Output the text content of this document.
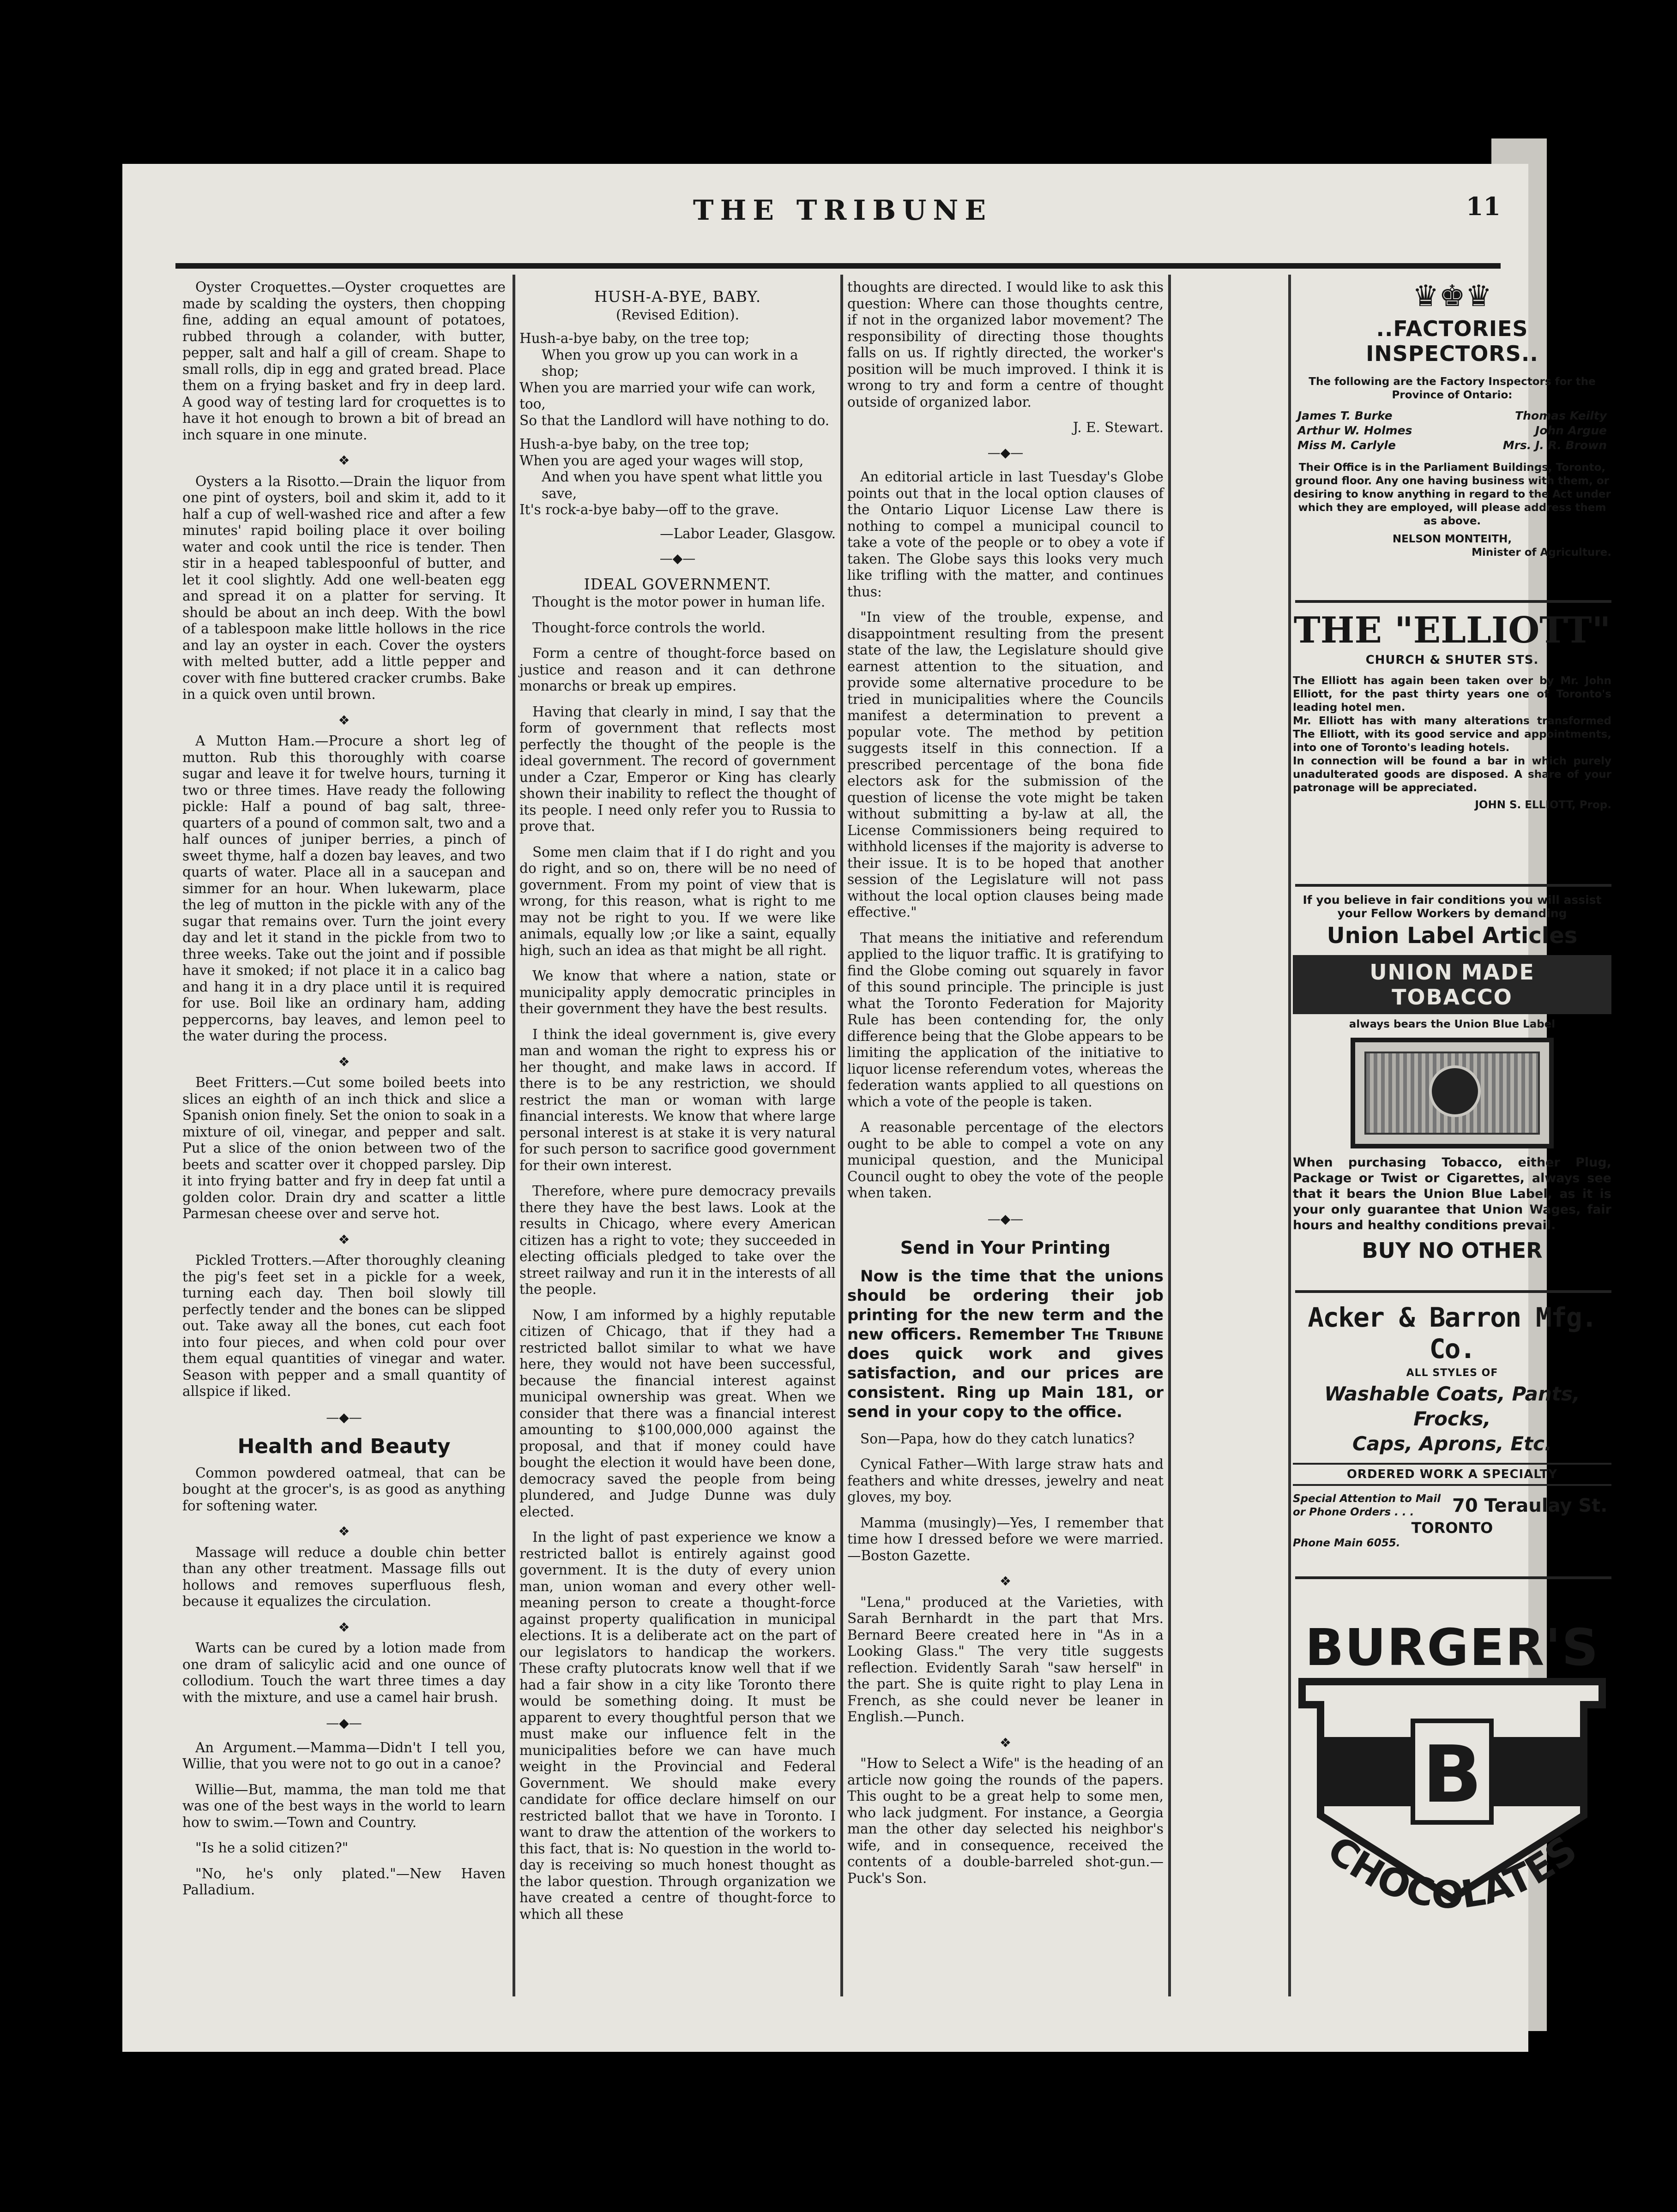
THE TRIBUNE	11

Oyster Croquettes.—Oyster croquettes are made by scalding the oysters, then chopping fine, adding an equal amount of potatoes, rubbed through a colander, with butter, pepper, salt and half a gill of cream. Shape to small rolls, dip in egg and grated bread. Place them on a frying basket and fry in deep lard. A good way of testing lard for croquettes is to have it hot enough to brown a bit of bread an inch square in one minute.

❖

Oysters a la Risotto.—Drain the liquor from one pint of oysters, boil and skim it, add to it half a cup of well-washed rice and after a few minutes' rapid boiling place it over boiling water and cook until the rice is tender. Then stir in a heaped tablespoonful of butter, and let it cool slightly. Add one well-beaten egg and spread it on a platter for serving. It should be about an inch deep. With the bowl of a tablespoon make little hollows in the rice and lay an oyster in each. Cover the oysters with melted butter, add a little pepper and cover with fine buttered cracker crumbs. Bake in a quick oven until brown.

❖

A Mutton Ham.—Procure a short leg of mutton. Rub this thoroughly with coarse sugar and leave it for twelve hours, turning it two or three times. Have ready the following pickle: Half a pound of bag salt, three-quarters of a pound of common salt, two and a half ounces of juniper berries, a pinch of sweet thyme, half a dozen bay leaves, and two quarts of water. Place all in a saucepan and simmer for an hour. When lukewarm, place the leg of mutton in the pickle with any of the sugar that remains over. Turn the joint every day and let it stand in the pickle from two to three weeks. Take out the joint and if possible have it smoked; if not place it in a calico bag and hang it in a dry place until it is required for use. Boil like an ordinary ham, adding peppercorns, bay leaves, and lemon peel to the water during the process.

❖

Beet Fritters.—Cut some boiled beets into slices an eighth of an inch thick and slice a Spanish onion finely. Set the onion to soak in a mixture of oil, vinegar, and pepper and salt. Put a slice of the onion between two of the beets and scatter over it chopped parsley. Dip it into frying batter and fry in deep fat until a golden color. Drain dry and scatter a little Parmesan cheese over and serve hot.

❖

Pickled Trotters.—After thoroughly cleaning the pig's feet set in a pickle for a week, turning each day. Then boil slowly till perfectly tender and the bones can be slipped out. Take away all the bones, cut each foot into four pieces, and when cold pour over them equal quantities of vinegar and water. Season with pepper and a small quantity of allspice if liked.

—◆—
Health and Beauty

Common powdered oatmeal, that can be bought at the grocer's, is as good as anything for softening water.

❖

Massage will reduce a double chin better than any other treatment. Massage fills out hollows and removes superfluous flesh, because it equalizes the circulation.

❖

Warts can be cured by a lotion made from one dram of salicylic acid and one ounce of collodium. Touch the wart three times a day with the mixture, and use a camel hair brush.

—◆—

An Argument.—Mamma—Didn't I tell you, Willie, that you were not to go out in a canoe?

Willie—But, mamma, the man told me that was one of the best ways in the world to learn how to swim.—Town and Country.

"Is he a solid citizen?"

"No, he's only plated."—New Haven Palladium.

HUSH-A-BYE, BABY.
(Revised Edition).
Hush-a-bye baby, on the tree top;
When you grow up you can work in a shop;
When you are married your wife can work, too,
So that the Landlord will have nothing to do.
Hush-a-bye baby, on the tree top;
When you are aged your wages will stop,
And when you have spent what little you save,
It's rock-a-bye baby—off to the grave.
—Labor Leader, Glasgow.
—◆—
IDEAL GOVERNMENT.

Thought is the motor power in human life.

Thought-force controls the world.

Form a centre of thought-force based on justice and reason and it can dethrone monarchs or break up empires.

Having that clearly in mind, I say that the form of government that reflects most perfectly the thought of the people is the ideal government. The record of government under a Czar, Emperor or King has clearly shown their inability to reflect the thought of its people. I need only refer you to Russia to prove that.

Some men claim that if I do right and you do right, and so on, there will be no need of government. From my point of view that is wrong, for this reason, what is right to me may not be right to you. If we were like animals, equally low ;or like a saint, equally high, such an idea as that might be all right.

We know that where a nation, state or municipality apply democratic principles in their government they have the best results.

I think the ideal government is, give every man and woman the right to express his or her thought, and make laws in accord. If there is to be any restriction, we should restrict the man or woman with large financial interests. We know that where large personal interest is at stake it is very natural for such person to sacrifice good government for their own interest.

Therefore, where pure democracy prevails there they have the best laws. Look at the results in Chicago, where every American citizen has a right to vote; they succeeded in electing officials pledged to take over the street railway and run it in the interests of all the people.

Now, I am informed by a highly reputable citizen of Chicago, that if they had a restricted ballot similar to what we have here, they would not have been successful, because the financial interest against municipal ownership was great. When we consider that there was a financial interest amounting to $100,000,000 against the proposal, and that if money could have bought the election it would have been done, democracy saved the people from being plundered, and Judge Dunne was duly elected.

In the light of past experience we know a restricted ballot is entirely against good government. It is the duty of every union man, union woman and every other well-meaning person to create a thought-force against property qualification in municipal elections. It is a deliberate act on the part of our legislators to handicap the workers. These crafty plutocrats know well that if we had a fair show in a city like Toronto there would be something doing. It must be apparent to every thoughtful person that we must make our influence felt in the municipalities before we can have much weight in the Provincial and Federal Government. We should make every candidate for office declare himself on our restricted ballot that we have in Toronto. I want to draw the attention of the workers to this fact, that is: No question in the world to-day is receiving so much honest thought as the labor question. Through organization we have created a centre of thought-force to which all these

thoughts are directed. I would like to ask this question: Where can those thoughts centre, if not in the organized labor movement? The responsibility of directing those thoughts falls on us. If rightly directed, the worker's position will be much improved. I think it is wrong to try and form a centre of thought outside of organized labor.

J. E. Stewart.
—◆—

An editorial article in last Tuesday's Globe points out that in the local option clauses of the Ontario Liquor License Law there is nothing to compel a municipal council to take a vote of the people or to obey a vote if taken. The Globe says this looks very much like trifling with the matter, and continues thus:

"In view of the trouble, expense, and disappointment resulting from the present state of the law, the Legislature should give earnest attention to the situation, and provide some alternative procedure to be tried in municipalities where the Councils manifest a determination to prevent a popular vote. The method by petition suggests itself in this connection. If a prescribed percentage of the bona fide electors ask for the submission of the question of license the vote might be taken without submitting a by-law at all, the License Commissioners being required to withhold licenses if the majority is adverse to their issue. It is to be hoped that another session of the Legislature will not pass without the local option clauses being made effective."

That means the initiative and referendum applied to the liquor traffic. It is gratifying to find the Globe coming out squarely in favor of this sound principle. The principle is just what the Toronto Federation for Majority Rule has been contending for, the only difference being that the Globe appears to be limiting the application of the initiative to liquor license referendum votes, whereas the federation wants applied to all questions on which a vote of the people is taken.

A reasonable percentage of the electors ought to be able to compel a vote on any municipal question, and the Municipal Council ought to obey the vote of the people when taken.

—◆—
Send in Your Printing

Now is the time that the unions should be ordering their job printing for the new term and the new officers. Remember The Tribune does quick work and gives satisfaction, and our prices are consistent. Ring up Main 181, or send in your copy to the office.

Son—Papa, how do they catch lunatics?

Cynical Father—With large straw hats and feathers and white dresses, jewelry and neat gloves, my boy.

Mamma (musingly)—Yes, I remember that time how I dressed before we were married.—Boston Gazette.

❖

"Lena," produced at the Varieties, with Sarah Bernhardt in the part that Mrs. Bernard Beere created here in "As in a Looking Glass." The very title suggests reflection. Evidently Sarah "saw herself" in the part. She is quite right to play Lena in French, as she could never be leaner in English.—Punch.

❖

"How to Select a Wife" is the heading of an article now going the rounds of the papers. This ought to be a great help to some men, who lack judgment. For instance, a Georgia man the other day selected his neighbor's wife, and in consequence, received the contents of a double-barreled shot-gun.—Puck's Son.

♛♚♛
..FACTORIES INSPECTORS..
The following are the Factory Inspectors for the Province of Ontario:
James T. Burke	Thomas Keilty
Arthur W. Holmes	John Argue
Miss M. Carlyle	Mrs. J. R. Brown
Their Office is in the Parliament Buildings, Toronto, ground floor. Any one having business with them, or desiring to know anything in regard to the Act under which they are employed, will please address them as above.
NELSON MONTEITH,
Minister of Agriculture.
THE "ELLIOTT"
CHURCH & SHUTER STS.
The Elliott has again been taken over by Mr. John Elliott, for the past thirty years one of Toronto's leading hotel men.
Mr. Elliott has with many alterations transformed The Elliott, with its good service and appointments, into one of Toronto's leading hotels.
In connection will be found a bar in which purely unadulterated goods are disposed. A share of your patronage will be appreciated.
JOHN S. ELLIOTT, Prop.
If you believe in fair conditions you will assist your Fellow Workers by demanding
Union Label Articles
UNION MADE TOBACCO
always bears the Union Blue Label
When purchasing Tobacco, either Plug, Package or Twist or Cigarettes, always see that it bears the Union Blue Label, as it is your only guarantee that Union Wages, fair hours and healthy conditions prevail.
BUY NO OTHER
Acker & Barron Mfg. Co.
ALL STYLES OF
Washable Coats, Pants, Frocks,
Caps, Aprons, Etc.
ORDERED WORK A SPECIALTY
Special Attention to Mail or Phone Orders . . .	70 Teraulay St.
TORONTO
Phone Main 6055.
BURGER'S
B
CHOCOLATES
